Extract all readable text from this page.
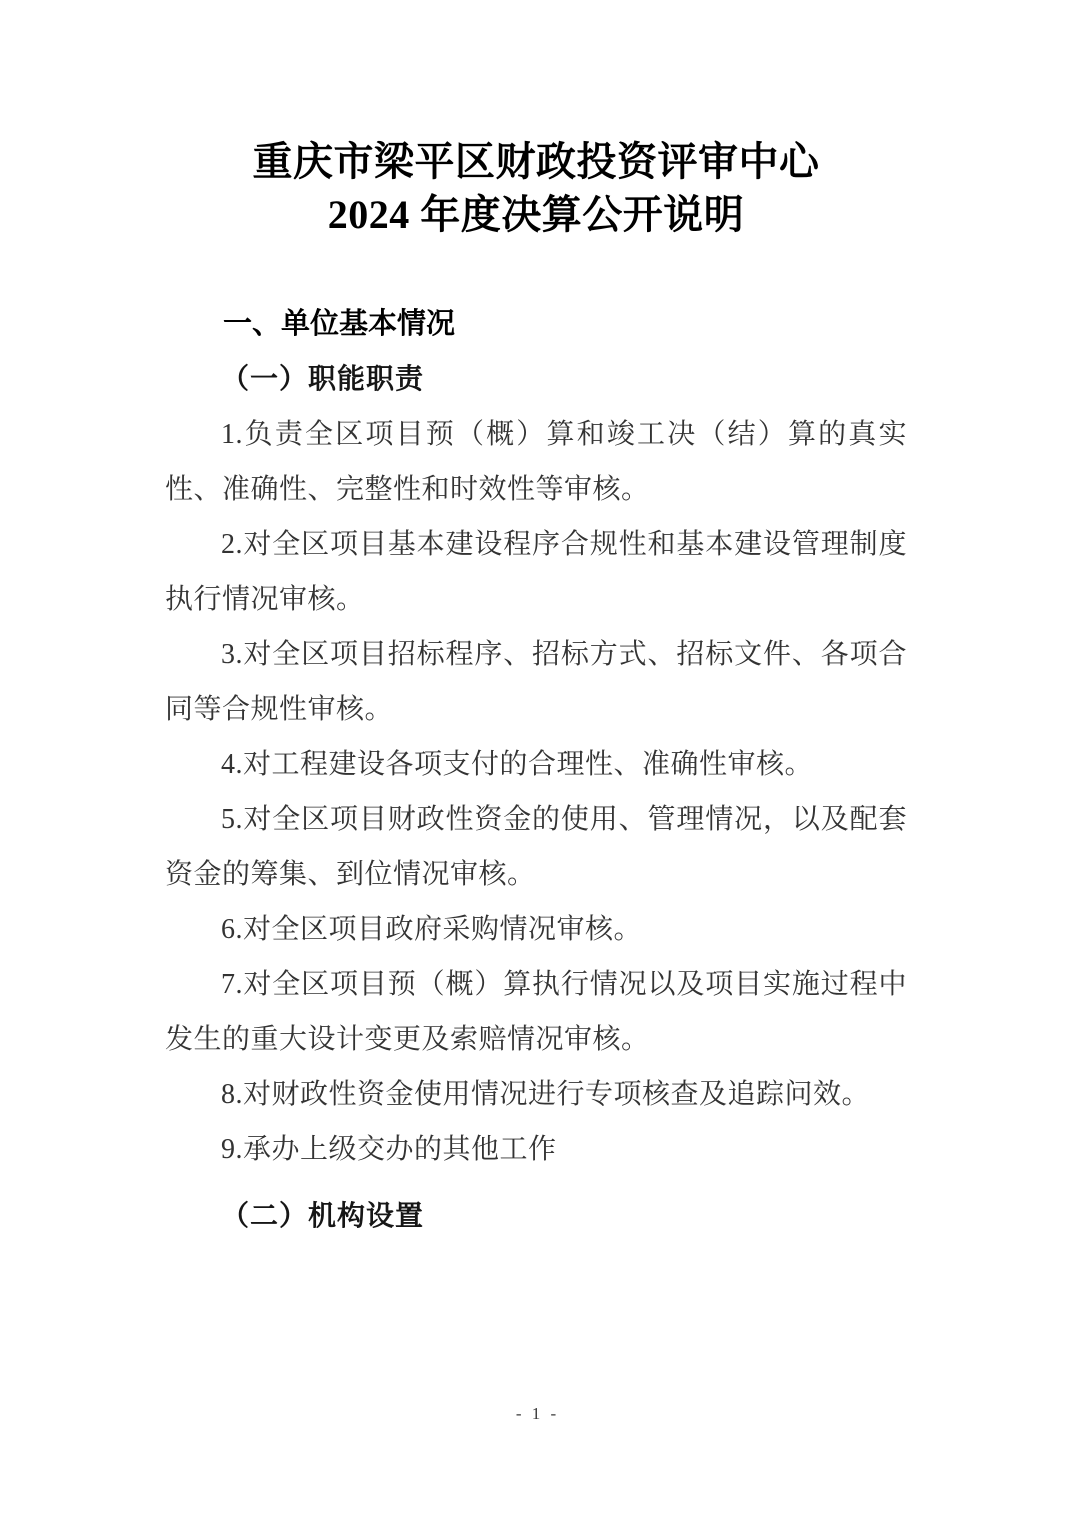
重庆市梁平区财政投资评审中心
2024 年度决算公开说明
一、单位基本情况
（一）职能职责

1.负责全区项目预（概）算和竣工决（结）算的真实性、准确性、完整性和时效性等审核。

2.对全区项目基本建设程序合规性和基本建设管理制度执行情况审核。

3.对全区项目招标程序、招标方式、招标文件、各项合同等合规性审核。

4.对工程建设各项支付的合理性、准确性审核。

5.对全区项目财政性资金的使用、管理情况，以及配套资金的筹集、到位情况审核。

6.对全区项目政府采购情况审核。

7.对全区项目预（概）算执行情况以及项目实施过程中发生的重大设计变更及索赔情况审核。

8.对财政性资金使用情况进行专项核查及追踪问效。

9.承办上级交办的其他工作

（二）机构设置
- 1 -
